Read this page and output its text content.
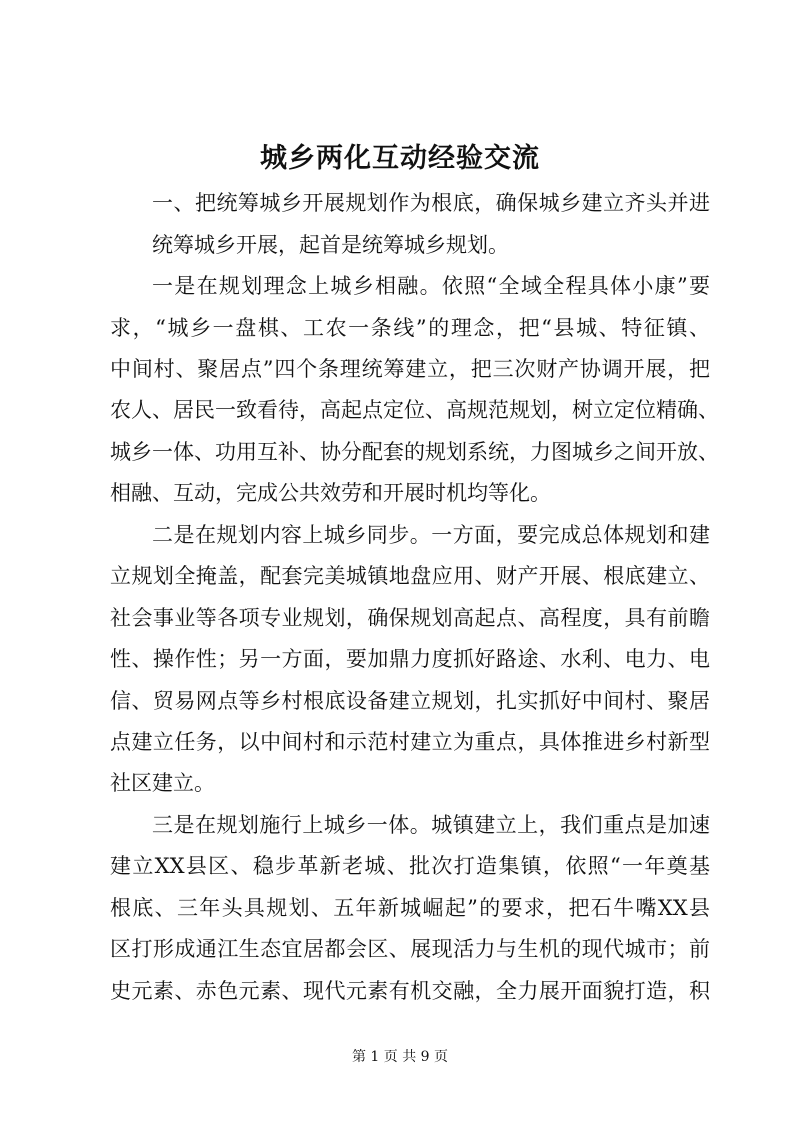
城乡两化互动经验交流
一、把统筹城乡开展规划作为根底，确保城乡建立齐头并进
统筹城乡开展，起首是统筹城乡规划。
一是在规划理念上城乡相融。依照“全域全程具体小康”要
求，“城乡一盘棋、工农一条线”的理念，把“县城、特征镇、
中间村、聚居点”四个条理统筹建立，把三次财产协调开展，把
农人、居民一致看待，高起点定位、高规范规划，树立定位精确、
城乡一体、功用互补、协分配套的规划系统，力图城乡之间开放、
相融、互动，完成公共效劳和开展时机均等化。
二是在规划内容上城乡同步。一方面，要完成总体规划和建
立规划全掩盖，配套完美城镇地盘应用、财产开展、根底建立、
社会事业等各项专业规划，确保规划高起点、高程度，具有前瞻
性、操作性；另一方面，要加鼎力度抓好路途、水利、电力、电
信、贸易网点等乡村根底设备建立规划，扎实抓好中间村、聚居
点建立任务，以中间村和示范村建立为重点，具体推进乡村新型
社区建立。
三是在规划施行上城乡一体。城镇建立上，我们重点是加速
建立XX县区、稳步革新老城、批次打造集镇，依照“一年奠基
根底、三年头具规划、五年新城崛起”的要求，把石牛嘴XX县
区打形成通江生态宜居都会区、展现活力与生机的现代城市；前
史元素、赤色元素、现代元素有机交融，全力展开面貌打造，积
第 1 页 共 9 页
